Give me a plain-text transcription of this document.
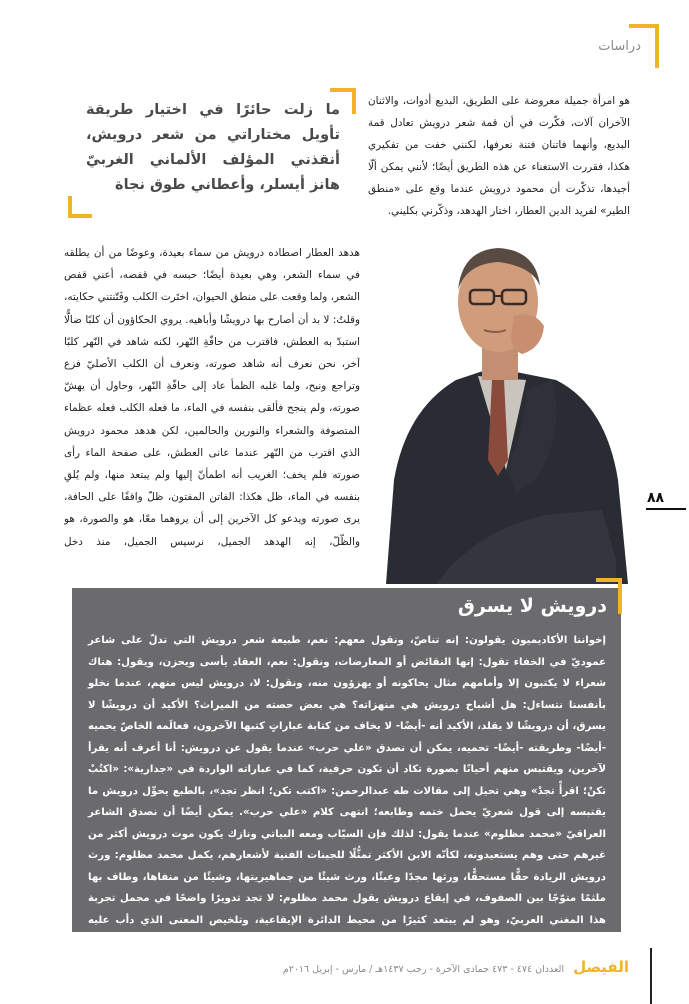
دراسات
ما زلت حائرًا في اختيار طريقة تأويل مختاراتي من شعر درويش، أنقذني المؤلف الألماني الغربيّ هانز أيسلر، وأعطاني طوق نجاة
هو امرأة جميلة معروضة على الطريق، البديع أدوات، والاثنان الآخران آلات، فكّرت في أن قمة شعر درويش تعادل قمة البديع، وأنهما فاتنان فتنة نعرفها، لكنني خفت من تفكيري هكذا، فقررت الاستغناء عن هذه الطريق أيضًا؛ لأنني يمكن ألّا أجيدها، تذكّرت أن محمود درويش عندما وقع على «منطق الطير» لفريد الدين العطار، اختار الهدهد، وذكّرني بكليني.
هدهد العطار اصطاده درويش من سماء بعيدة، وعوضًا من أن يطلقه في سماء الشعر، وهي بعيدة أيضًا؛ حبسه في قفصه، أعني قفص الشعر، ولما وقعت على منطق الحيوان، اختَرت الكلب وفَتّنتني حكايته، وقلتُ: لا بد أن أصارح بها درويشًا وأباهيه. يروي الحكاؤون أن كلبًا ضالًّا استبدّ به العطش، فاقترب من حافّةِ النّهر، لكنه شاهد في النّهر كلبًا آخر، نحن نعرف أنه شاهد صورته، ونعرف أن الكلب الأصليّ فزع وتراجع ونبح، ولما غلبه الظمأ عاد إلى حافّةِ النّهر، وحاول أن يهشّ صورته، ولم ينجح فألقى بنفسه في الماء، ما فعله الكلب فعله عظماء المتصوفة والشعراء والنورين والحالمين، لكن هدهد محمود درويش الذي اقترب من النّهر عندما عانى العطش، على صفحة الماء رأى صورته فلم يخف؛ الغريب أنه اطمأنّ إليها ولم يبتعد منها، ولم يُلقِ بنفسه في الماء، ظل هكذا: الفاتن المفتون، ظلّ واقفًا على الحافة، يرى صورته ويدعو كل الآخرين إلى أن يروهما معًا، هو والصورة، هو والظّلّ، إنه الهدهد الجميل، نرسيس الجميل، منذ دخل
٨٨
درويش لا يسرق
إخواننا الأكاديميون يقولون: إنه تناصّ، ونقول معهم: نعم، طبيعة شعر درويش التي تدلّ على شاعر عموديّ في الخفاء تقول: إنها النقائض أو المعارضات، ونقول: نعم، العقاد يأسى ويحزن، ويقول: هناك شعراء لا يكتبون إلا وأمامهم مثال يحاكونه أو يهزؤون منه، ونقول: لا، درويش ليس منهم، عندما نخلو بأنفسنا نتساءل: هل أشباح درويش هي منهزاته؟ هي بعض حصته من الميراث؟ الأكيد أن درويشًا لا يسرق، أن درويشًا لا يقلد، الأكيد أنه -أيضًا- لا يخاف من كتابة عباراتٍ كتبها الآخرون، فعالَمه الخاصّ يحميه -أيضًا- وطريقته -أيضًا- تحميه، يمكن أن نصدق «علي حرب» عندما يقول عن درويش: أنا أعرف أنه يقرأ لآخرين، ويقتبس منهم أحيانًا بصورة تكاد أن تكون حرفية، كما في عباراته الواردة في «جدارية»: «اكتُبْ تكنْ؛ اقرأْ تجدْ» وهي تحيل إلى مقالات طه عبدالرحمن: «اكتب تكن؛ انظر تجد»، بالطبع يحوِّل درويش ما يقتبسه إلى قول شعريّ يحمل ختمه وطابعه؛ انتهى كلام «علي حرب». يمكن أيضًا أن نصدق الشاعر العراقيّ «محمد مظلوم» عندما يقول: لذلك فإن السيّاب ومعه البياتي ونازك يكون موت درويش أكثر من غيرهم حتى وهم يستعيدونه، لكأنّه الابن الأكثر تمثُّلًا للجينات الفنية لأشعارهم، يكمل محمد مظلوم: ورث درويش الريادة حقًّا مستحقًّا، ورثها مجدًا وعبئًا، ورث شيئًا من جماهيريتها، وشيئًا من منفاها، وطاف بها ملثمًا متوّجًا بين الصفوف، في إيقاع درويش يقول محمد مظلوم: لا تجد تدويرًا واضحًا في مجمل تجربة هذا المغني العربيّ، وهو لم يبتعد كثيرًا من محيط الدائرة الإيقاعية، وتلخيص المعنى الذي دأب عليه الرُّؤّاد؛ انتهى كلام «مظلوم».
الفيصل العددان ٤٧٤ - ٤٧٣ جمادى الآخرة - رجب ١٤٣٧هـ / مارس - إبريل ٢٠١٦م
